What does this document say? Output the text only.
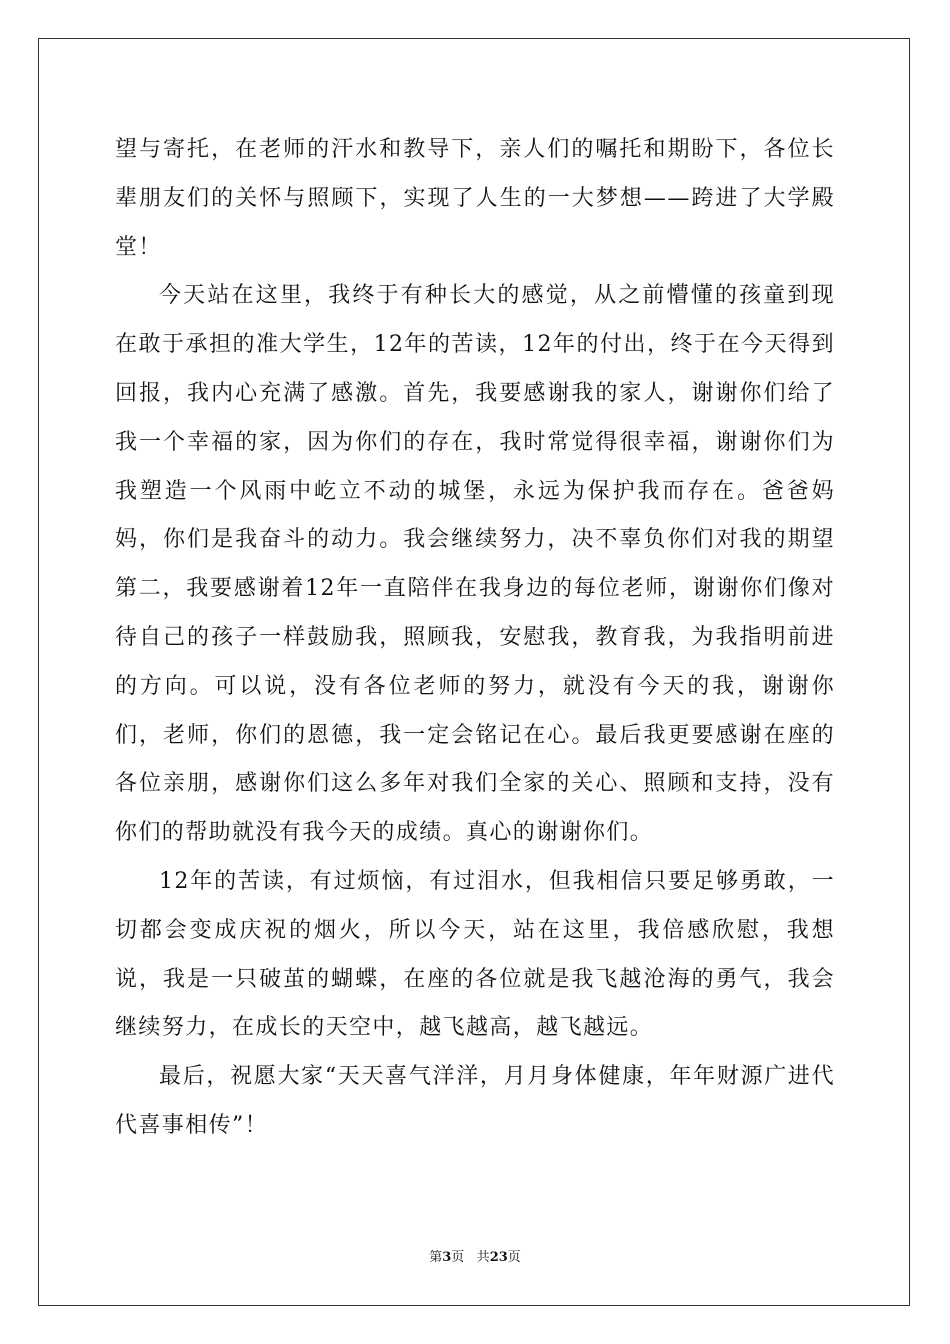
望与寄托，在老师的汗水和教导下，亲人们的嘱托和期盼下，各位长辈朋友们的关怀与照顾下，实现了人生的一大梦想——跨进了大学殿堂！

今天站在这里，我终于有种长大的感觉，从之前懵懂的孩童到现在敢于承担的准大学生，12年的苦读，12年的付出，终于在今天得到回报，我内心充满了感激。首先，我要感谢我的家人，谢谢你们给了我一个幸福的家，因为你们的存在，我时常觉得很幸福，谢谢你们为我塑造一个风雨中屹立不动的城堡，永远为保护我而存在。爸爸妈妈，你们是我奋斗的动力。我会继续努力，决不辜负你们对我的期望第二，我要感谢着12年一直陪伴在我身边的每位老师，谢谢你们像对待自己的孩子一样鼓励我，照顾我，安慰我，教育我，为我指明前进的方向。可以说，没有各位老师的努力，就没有今天的我，谢谢你们，老师，你们的恩德，我一定会铭记在心。最后我更要感谢在座的各位亲朋，感谢你们这么多年对我们全家的关心、照顾和支持，没有你们的帮助就没有我今天的成绩。真心的谢谢你们。

12年的苦读，有过烦恼，有过泪水，但我相信只要足够勇敢，一切都会变成庆祝的烟火，所以今天，站在这里，我倍感欣慰，我想说，我是一只破茧的蝴蝶，在座的各位就是我飞越沧海的勇气，我会继续努力，在成长的天空中，越飞越高，越飞越远。

最后，祝愿大家“天天喜气洋洋，月月身体健康，年年财源广进代代喜事相传”！

第3页 共23页
